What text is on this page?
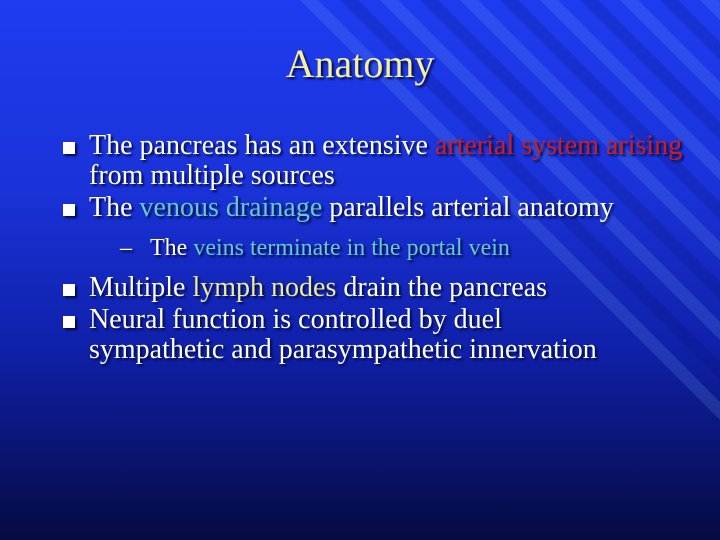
Anatomy
The pancreas has an extensive arterial system arising from multiple sources
The venous drainage parallels arterial anatomy
– The veins terminate in the portal vein
Multiple lymph nodes drain the pancreas
Neural function is controlled by duel sympathetic and parasympathetic innervation
